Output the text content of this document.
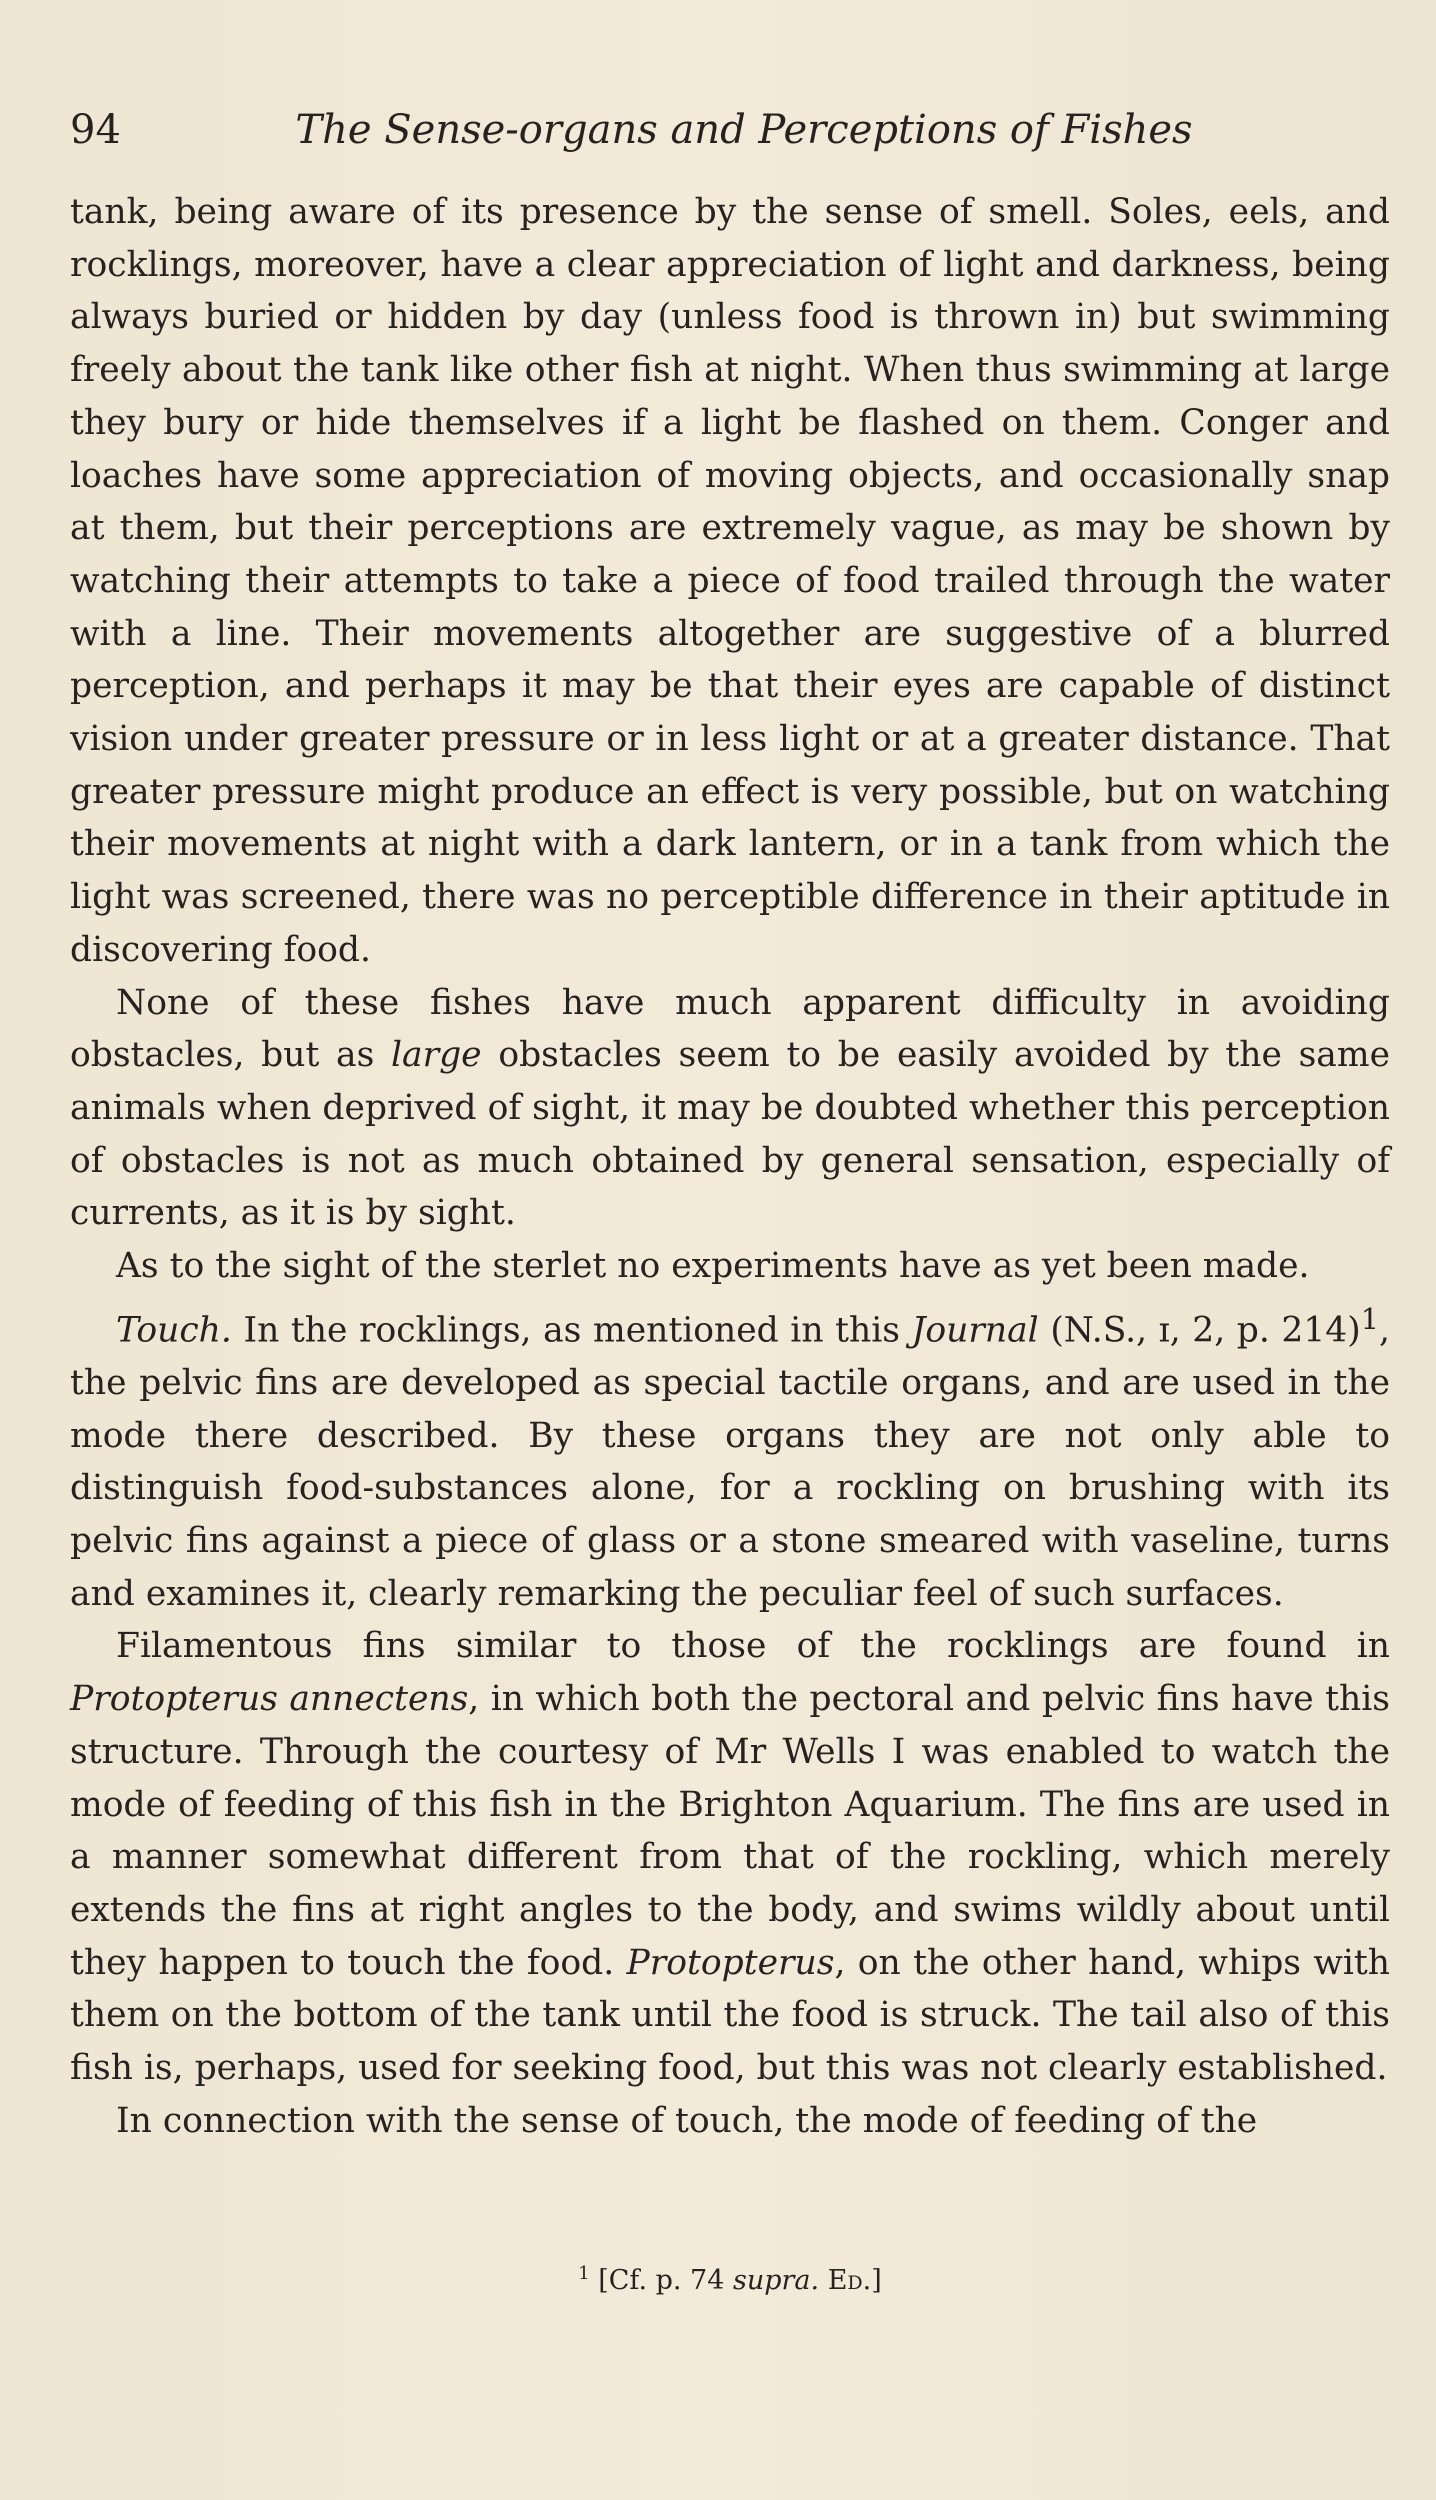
94	The Sense-organs and Perceptions of Fishes

tank, being aware of its presence by the sense of smell. Soles, eels, and rocklings, moreover, have a clear appreciation of light and darkness, being always buried or hidden by day (unless food is thrown in) but swimming freely about the tank like other fish at night. When thus swimming at large they bury or hide themselves if a light be flashed on them. Conger and loaches have some appreciation of moving objects, and occasionally snap at them, but their perceptions are extremely vague, as may be shown by watching their attempts to take a piece of food trailed through the water with a line. Their movements altogether are suggestive of a blurred perception, and perhaps it may be that their eyes are capable of distinct vision under greater pressure or in less light or at a greater distance. That greater pressure might produce an effect is very possible, but on watching their movements at night with a dark lantern, or in a tank from which the light was screened, there was no perceptible difference in their aptitude in discovering food.

None of these fishes have much apparent difficulty in avoiding obstacles, but as large obstacles seem to be easily avoided by the same animals when deprived of sight, it may be doubted whether this perception of obstacles is not as much obtained by general sensation, especially of currents, as it is by sight.

As to the sight of the sterlet no experiments have as yet been made.

Touch. In the rocklings, as mentioned in this Journal (N.S., ɪ, 2, p. 214)$^1$, the pelvic fins are developed as special tactile organs, and are used in the mode there described. By these organs they are not only able to distinguish food-substances alone, for a rockling on brushing with its pelvic fins against a piece of glass or a stone smeared with vaseline, turns and examines it, clearly remarking the peculiar feel of such surfaces.

Filamentous fins similar to those of the rocklings are found in Protopterus annectens, in which both the pectoral and pelvic fins have this structure. Through the courtesy of Mr Wells I was enabled to watch the mode of feeding of this fish in the Brighton Aquarium. The fins are used in a manner somewhat different from that of the rockling, which merely extends the fins at right angles to the body, and swims wildly about until they happen to touch the food. Protopterus, on the other hand, whips with them on the bottom of the tank until the food is struck. The tail also of this fish is, perhaps, used for seeking food, but this was not clearly established.

In connection with the sense of touch, the mode of feeding of the

$^1$ [Cf. p. 74 supra. Ed.]
